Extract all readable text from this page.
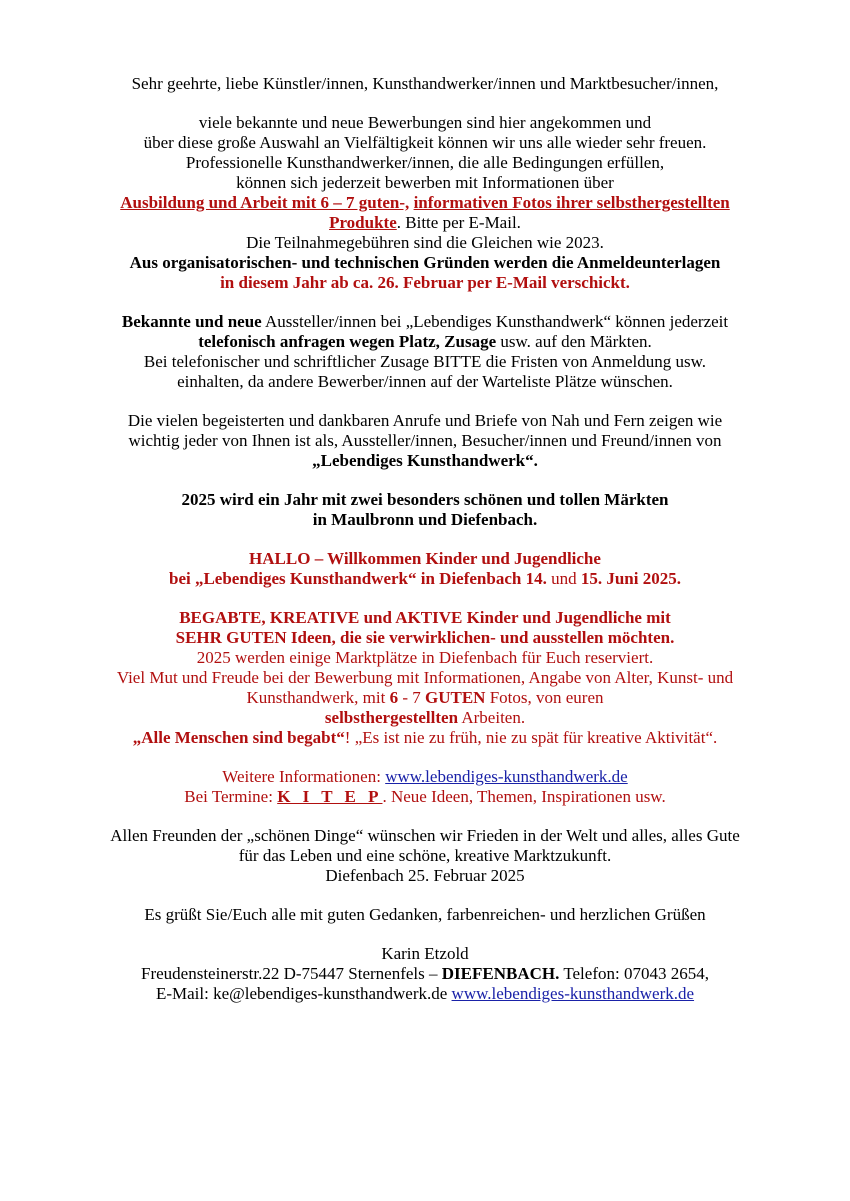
Sehr geehrte, liebe Künstler/innen, Kunsthandwerker/innen und Marktbesucher/innen,
viele bekannte und neue Bewerbungen sind hier angekommen und
über diese große Auswahl an Vielfältigkeit können wir uns alle wieder sehr freuen.
Professionelle Kunsthandwerker/innen, die alle Bedingungen erfüllen,
können sich jederzeit bewerben mit Informationen über
Ausbildung und Arbeit mit 6 – 7 guten-, informativen Fotos ihrer selbsthergestellten
Produkte. Bitte per E-Mail.
Die Teilnahmegebühren sind die Gleichen wie 2023.
Aus organisatorischen- und technischen Gründen werden die Anmeldeunterlagen
in diesem Jahr ab ca. 26. Februar per E-Mail verschickt.
Bekannte und neue Aussteller/innen bei „Lebendiges Kunsthandwerk“ können jederzeit
telefonisch anfragen wegen Platz, Zusage usw. auf den Märkten.
Bei telefonischer und schriftlicher Zusage BITTE die Fristen von Anmeldung usw.
einhalten, da andere Bewerber/innen auf der Warteliste Plätze wünschen.
Die vielen begeisterten und dankbaren Anrufe und Briefe von Nah und Fern zeigen wie
wichtig jeder von Ihnen ist als, Aussteller/innen, Besucher/innen und Freund/innen von
„Lebendiges Kunsthandwerk“.
2025 wird ein Jahr mit zwei besonders schönen und tollen Märkten
in Maulbronn und Diefenbach.
HALLO – Willkommen Kinder und Jugendliche
bei „Lebendiges Kunsthandwerk“ in Diefenbach 14. und 15. Juni 2025.
BEGABTE, KREATIVE und AKTIVE Kinder und Jugendliche mit
SEHR GUTEN Ideen, die sie verwirklichen- und ausstellen möchten.
2025 werden einige Marktplätze in Diefenbach für Euch reserviert.
Viel Mut und Freude bei der Bewerbung mit Informationen, Angabe von Alter, Kunst- und
Kunsthandwerk, mit 6 - 7 GUTEN Fotos, von euren
selbsthergestellten Arbeiten.
„Alle Menschen sind begabt“! „Es ist nie zu früh, nie zu spät für kreative Aktivität“.
Weitere Informationen: www.lebendiges-kunsthandwerk.de
Bei Termine: K I T E P. Neue Ideen, Themen, Inspirationen usw.
Allen Freunden der „schönen Dinge“ wünschen wir Frieden in der Welt und alles, alles Gute
für das Leben und eine schöne, kreative Marktzukunft.
Diefenbach 25. Februar 2025
Es grüßt Sie/Euch alle mit guten Gedanken, farbenreichen- und herzlichen Grüßen
Karin Etzold
Freudensteinerstr.22 D-75447 Sternenfels – DIEFENBACH. Telefon: 07043 2654,
E-Mail: ke@lebendiges-kunsthandwerk.de www.lebendiges-kunsthandwerk.de
